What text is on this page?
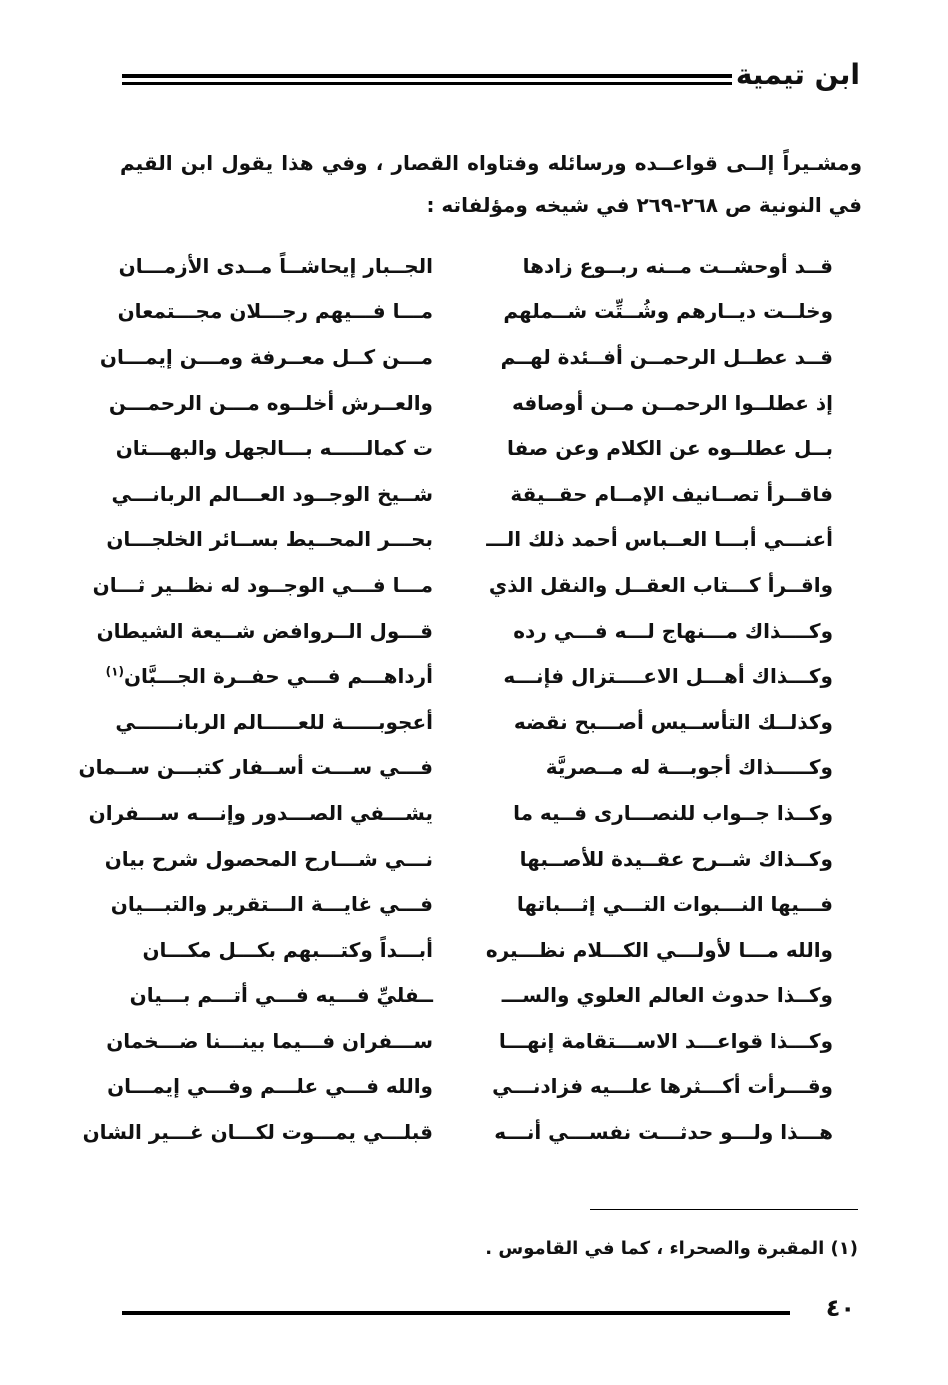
ابن تيمية
ومشـيراً إلــى قواعــده ورسائله وفتاواه القصار ، وفي هذا يقول ابن القيم في النونية ص ٢٦٨-٢٦٩ في شيخه ومؤلفاته :
قــد أوحشــت مــنه ربــوع زادها
الجــبار إيحاشــاً مــدى الأزمـــان
وخلــت ديــارهم وشُــتِّت شــملهم
مـــا فـــيهم رجـــلان مجـــتمعان
قــد عطــل الرحمــن أفــئدة لهــم
مـــن كــل معــرفة ومـــن إيمـــان
إذ عطلــوا الرحمــن مــن أوصافه
والعــرش أخلــوه مـــن الرحمـــن
بــل عطلــوه عن الكلام وعن صفا
ت كمالـــــه بـــالجهل والبهـــتان
فاقــرأ تصــانيف الإمــام حقــيقة
شــيخ الوجــود العـــالم الربانـــي
أعنـــي أبـــا العــباس أحمد ذلك الـــ
بحـــر المحــيط بســائر الخلجـــان
واقــرأ كـــتاب العقــل والنقل الذي
مـــا فـــي الوجــود له نظــير ثـــان
وكــــذاك مـــنهاج لـــه فـــي رده
قـــول الــروافض شــيعة الشيطان
وكـــذاك أهـــل الاعــــتزال فإنـــه
أرداهـــم فـــي حفــرة الجـــبَّان$^{(١)}$
وكذلــك التأســيس أصـــبح نقضه
أعجوبـــــة للعـــــالم الربانــــــي
وكـــــذاك أجوبـــة له مــصريَّة
فـــي ســـت أســفار كتبـــن ســمان
وكــذا جــواب للنصـــارى فــيه ما
يشـــفي الصـــدور وإنـــه ســـفران
وكــذاك شــرح عقــيدة للأصــبها
نـــي شـــارح المحصول شرح بيان
فـــيها النـــبوات التـــي إثـــباتها
فـــي غايـــة الـــتقرير والتبـــيان
والله مـــا لأولـــي الكـــلام نظـــيره
أبـــداً وكتـــبهم بكـــل مكـــان
وكــذا حدوث العالم العلوي والســـ
ــفليِّ فـــيه فـــي أتـــم بـــيان
وكـــذا قواعـــد الاســـتقامة إنهـــا
ســـفران فـــيما بينـــنا ضـــخمان
وقـــرأت أكـــثرها علـــيه فزادنـــي
والله فـــي علـــم وفـــي إيمـــان
هـــذا ولـــو حدثـــت نفســـي أنـــه
قبلـــي يمـــوت لكـــان غـــير الشان
(١) المقبرة والصحراء ، كما في القاموس .
٤٠
